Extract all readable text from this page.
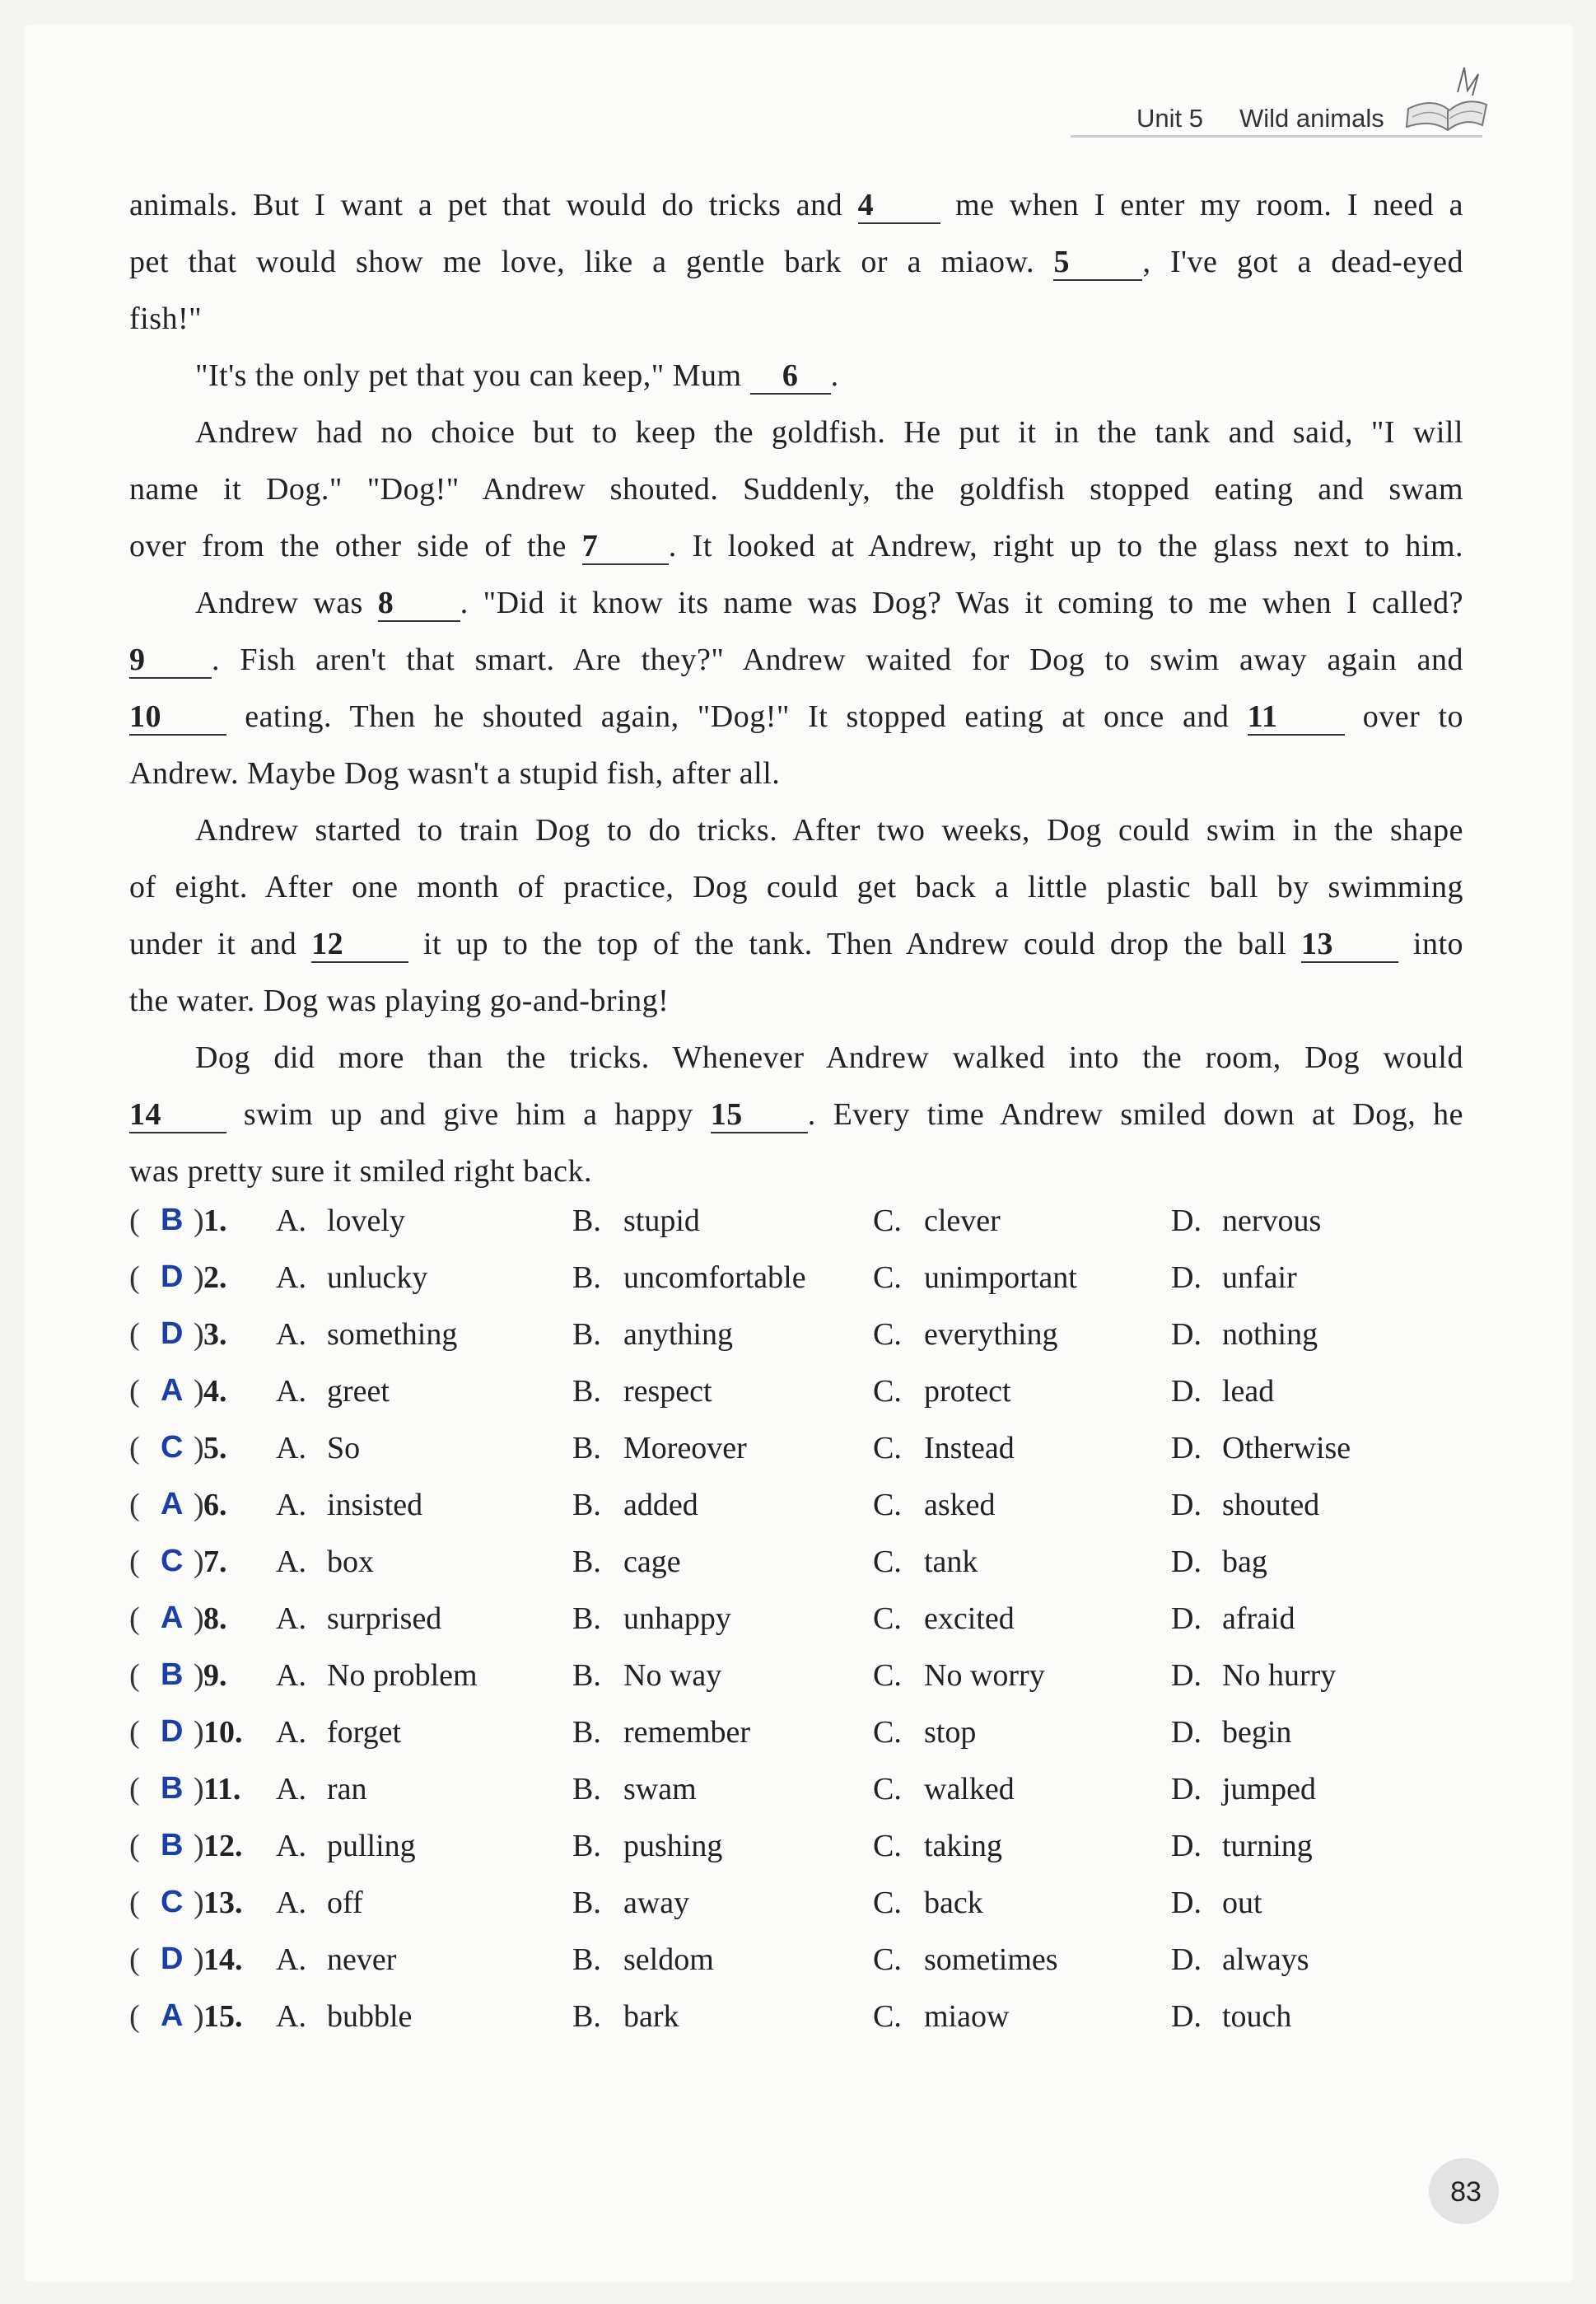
Unit 5 Wild animals
animals. But I want a pet that would do tricks and 4	me when I enter my room. I need a
pet that would show me love, like a gentle bark or a miaow. 5 , I've got a dead-eyed
fish!"
"It's the only pet that you can keep," Mum 6 .
Andrew had no choice but to keep the goldfish. He put it in the tank and said, "I will
name it Dog." "Dog!" Andrew shouted. Suddenly, the goldfish stopped eating and swam
over from the other side of the 7 . It looked at Andrew, right up to the glass next to him.
Andrew was 8 . "Did it know its name was Dog? Was it coming to me when I called?
9 . Fish aren't that smart. Are they?" Andrew waited for Dog to swim away again and
10	eating. Then he shouted again, "Dog!" It stopped eating at once and 11	over to
Andrew. Maybe Dog wasn't a stupid fish, after all.
Andrew started to train Dog to do tricks. After two weeks, Dog could swim in the shape
of eight. After one month of practice, Dog could get back a little plastic ball by swimming
under it and 12	it up to the top of the tank. Then Andrew could drop the ball 13	into
the water. Dog was playing go-and-bring!
Dog did more than the tricks. Whenever Andrew walked into the room, Dog would
14	swim up and give him a happy 15 . Every time Andrew smiled down at Dog, he
was pretty sure it smiled right back.
( B ) 1. A. lovely	B. stupid	C. clever	D. nervous
( D ) 2. A. unlucky	B. uncomfortable C. unimportant	D. unfair
( D ) 3. A. something	B. anything	C. everything	D. nothing
( A ) 4. A. greet	B. respect	C. protect	D. lead
( C ) 5. A. So	B. Moreover	C. Instead	D. Otherwise
( A ) 6. A. insisted	B. added	C. asked	D. shouted
( C ) 7. A. box	B. cage	C. tank	D. bag
( A ) 8. A. surprised	B. unhappy	C. excited	D. afraid
( B ) 9. A. No problem	B. No way	C. No worry	D. No hurry
( D ) 10. A. forget	B. remember	C. stop	D. begin
( B ) 11. A. ran	B. swam	C. walked	D. jumped
( B ) 12. A. pulling	B. pushing	C. taking	D. turning
( C ) 13. A. off	B. away	C. back	D. out
( D ) 14. A. never	B. seldom	C. sometimes	D. always
( A ) 15. A. bubble	B. bark	C. miaow	D. touch
83
